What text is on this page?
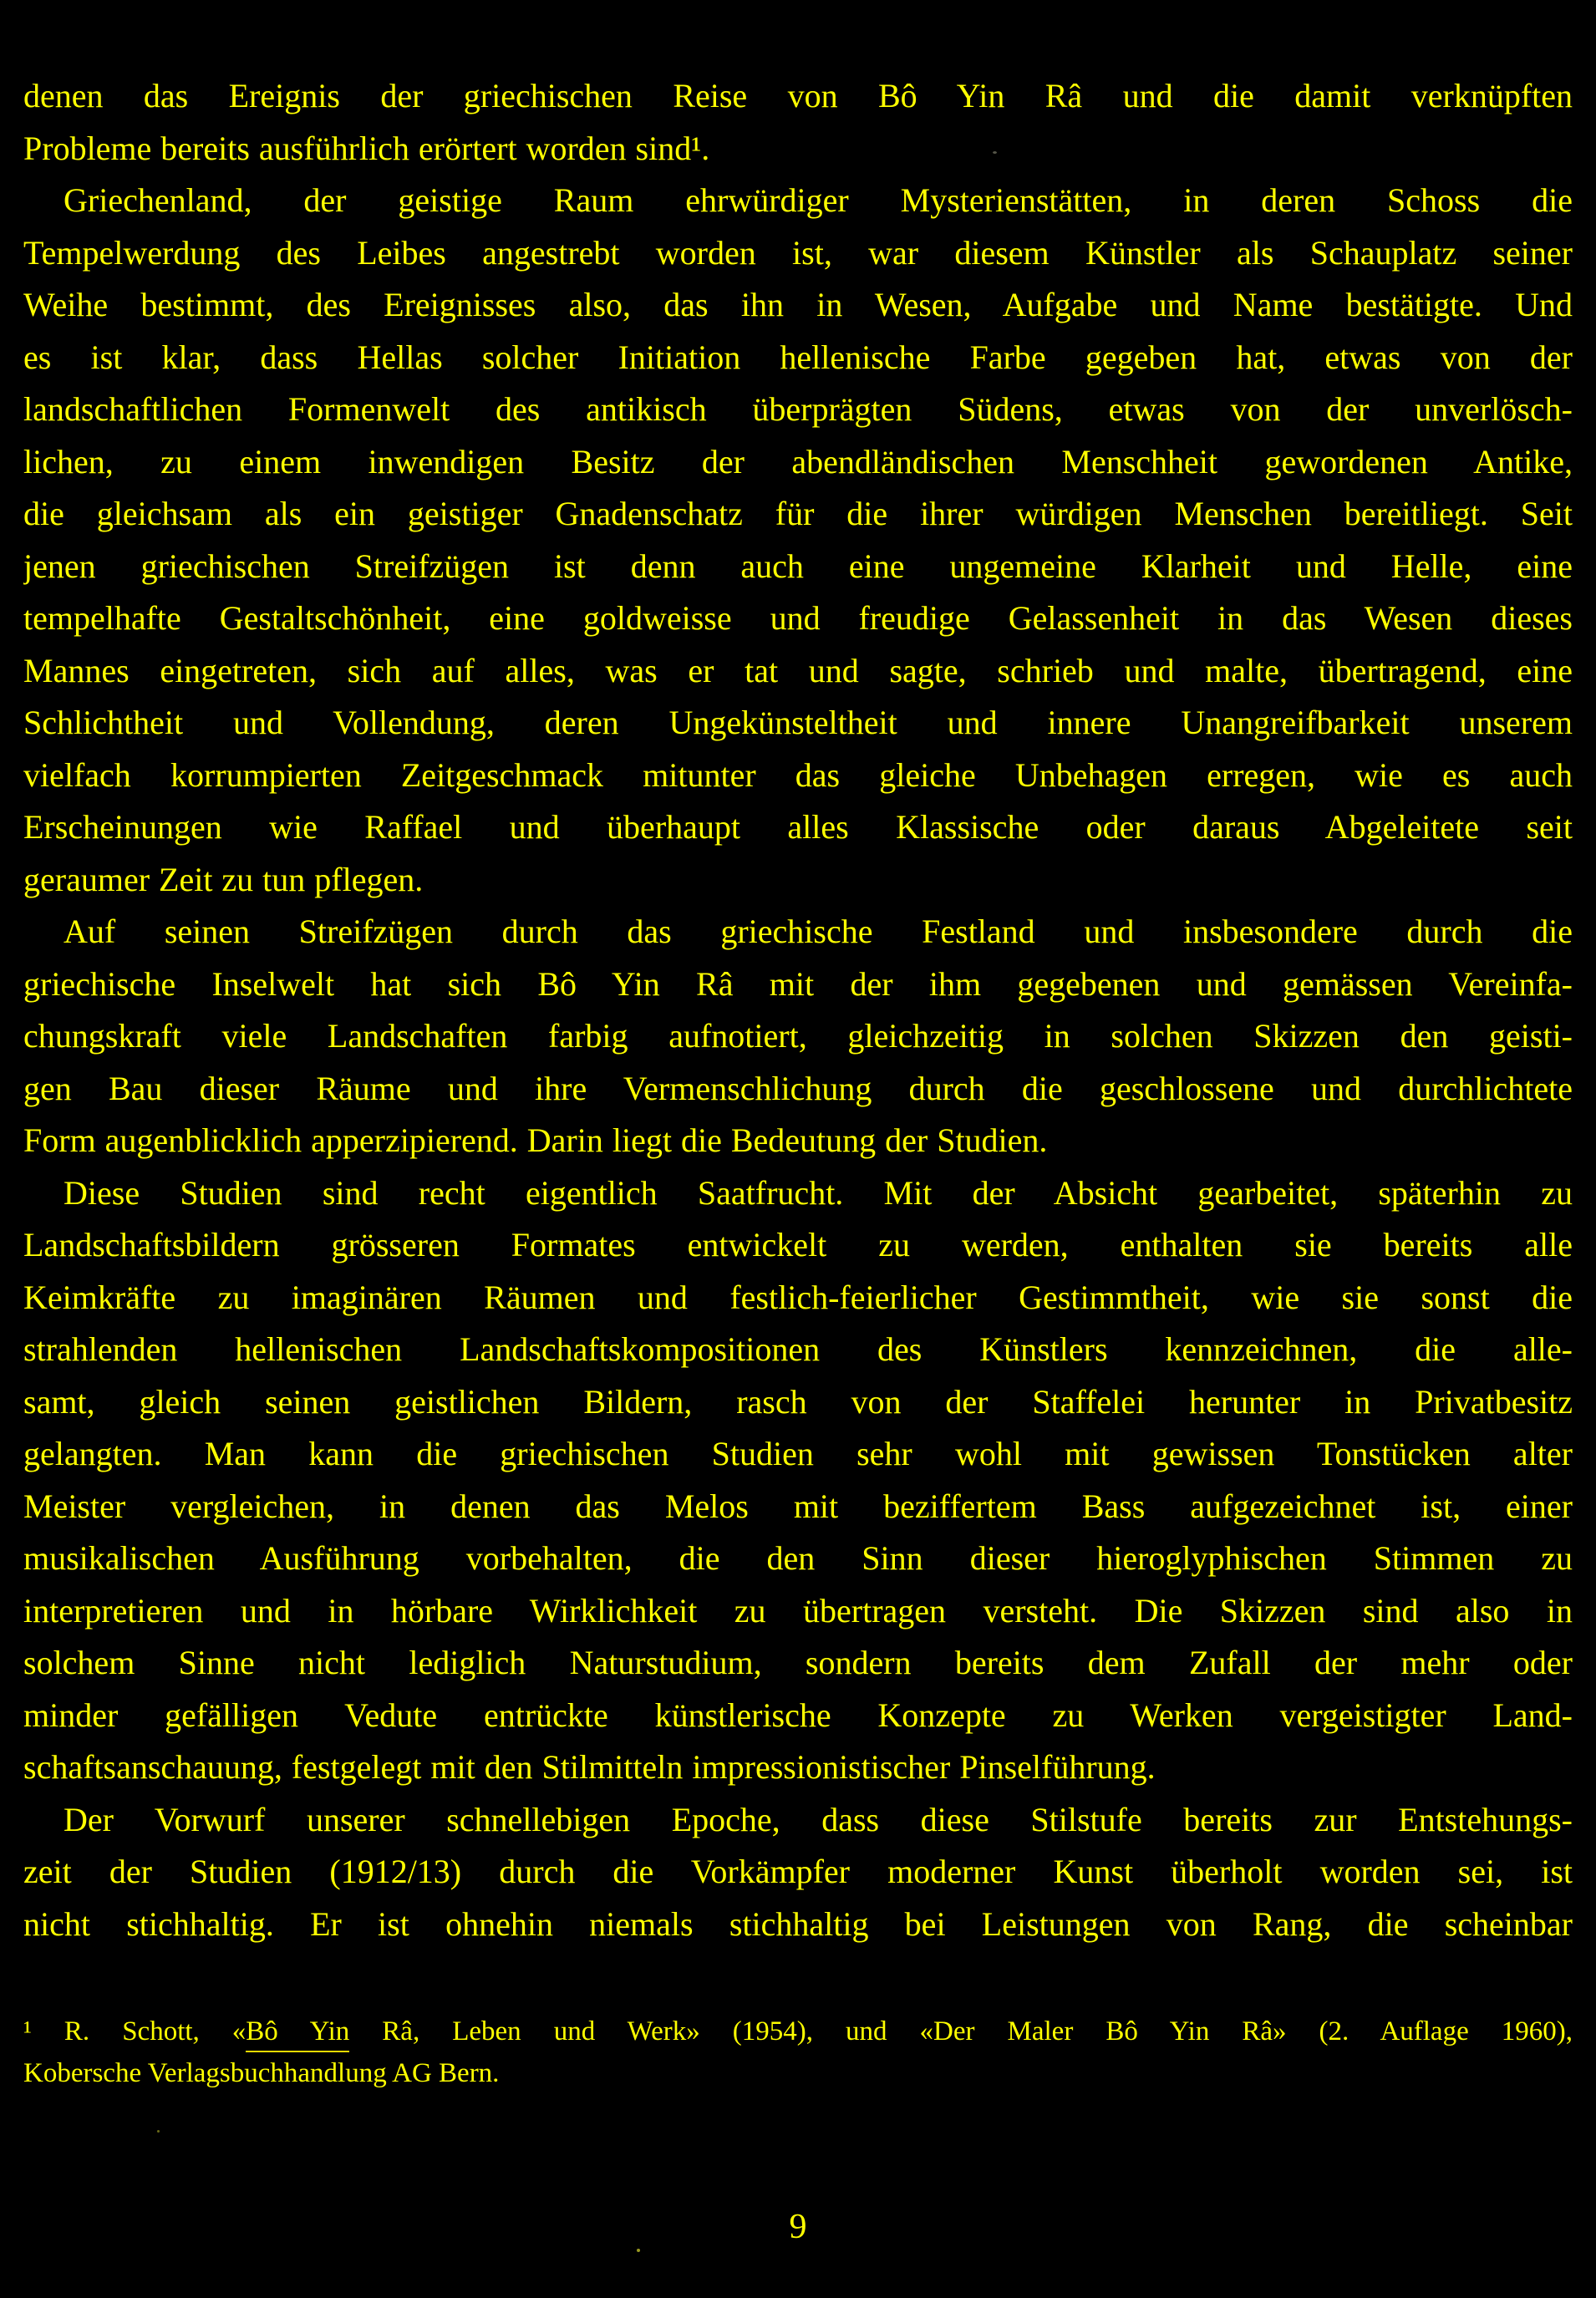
denen das Ereignis der griechischen Reise von Bô Yin Râ und die damit verknüpften
Probleme bereits ausführlich erörtert worden sind¹.
Griechenland, der geistige Raum ehrwürdiger Mysterienstätten, in deren Schoss die
Tempelwerdung des Leibes angestrebt worden ist, war diesem Künstler als Schauplatz seiner
Weihe bestimmt, des Ereignisses also, das ihn in Wesen, Aufgabe und Name bestätigte. Und
es ist klar, dass Hellas solcher Initiation hellenische Farbe gegeben hat, etwas von der
landschaftlichen Formenwelt des antikisch überprägten Südens, etwas von der unverlösch-
lichen, zu einem inwendigen Besitz der abendländischen Menschheit gewordenen Antike,
die gleichsam als ein geistiger Gnadenschatz für die ihrer würdigen Menschen bereitliegt. Seit
jenen griechischen Streifzügen ist denn auch eine ungemeine Klarheit und Helle, eine
tempelhafte Gestaltschönheit, eine goldweisse und freudige Gelassenheit in das Wesen dieses
Mannes eingetreten, sich auf alles, was er tat und sagte, schrieb und malte, übertragend, eine
Schlichtheit und Vollendung, deren Ungekünsteltheit und innere Unangreifbarkeit unserem
vielfach korrumpierten Zeitgeschmack mitunter das gleiche Unbehagen erregen, wie es auch
Erscheinungen wie Raffael und überhaupt alles Klassische oder daraus Abgeleitete seit
geraumer Zeit zu tun pflegen.
Auf seinen Streifzügen durch das griechische Festland und insbesondere durch die
griechische Inselwelt hat sich Bô Yin Râ mit der ihm gegebenen und gemässen Vereinfa-
chungskraft viele Landschaften farbig aufnotiert, gleichzeitig in solchen Skizzen den geisti-
gen Bau dieser Räume und ihre Vermenschlichung durch die geschlossene und durchlichtete
Form augenblicklich apperzipierend. Darin liegt die Bedeutung der Studien.
Diese Studien sind recht eigentlich Saatfrucht. Mit der Absicht gearbeitet, späterhin zu
Landschaftsbildern grösseren Formates entwickelt zu werden, enthalten sie bereits alle
Keimkräfte zu imaginären Räumen und festlich-feierlicher Gestimmtheit, wie sie sonst die
strahlenden hellenischen Landschaftskompositionen des Künstlers kennzeichnen, die alle-
samt, gleich seinen geistlichen Bildern, rasch von der Staffelei herunter in Privatbesitz
gelangten. Man kann die griechischen Studien sehr wohl mit gewissen Tonstücken alter
Meister vergleichen, in denen das Melos mit beziffertem Bass aufgezeichnet ist, einer
musikalischen Ausführung vorbehalten, die den Sinn dieser hieroglyphischen Stimmen zu
interpretieren und in hörbare Wirklichkeit zu übertragen versteht. Die Skizzen sind also in
solchem Sinne nicht lediglich Naturstudium, sondern bereits dem Zufall der mehr oder
minder gefälligen Vedute entrückte künstlerische Konzepte zu Werken vergeistigter Land-
schaftsanschauung, festgelegt mit den Stilmitteln impressionistischer Pinselführung.
Der Vorwurf unserer schnellebigen Epoche, dass diese Stilstufe bereits zur Entstehungs-
zeit der Studien (1912/13) durch die Vorkämpfer moderner Kunst überholt worden sei, ist
nicht stichhaltig. Er ist ohnehin niemals stichhaltig bei Leistungen von Rang, die scheinbar
¹ R. Schott, «Bô Yin Râ, Leben und Werk» (1954), und «Der Maler Bô Yin Râ» (2. Auflage 1960),
Kobersche Verlagsbuchhandlung AG Bern.
9
